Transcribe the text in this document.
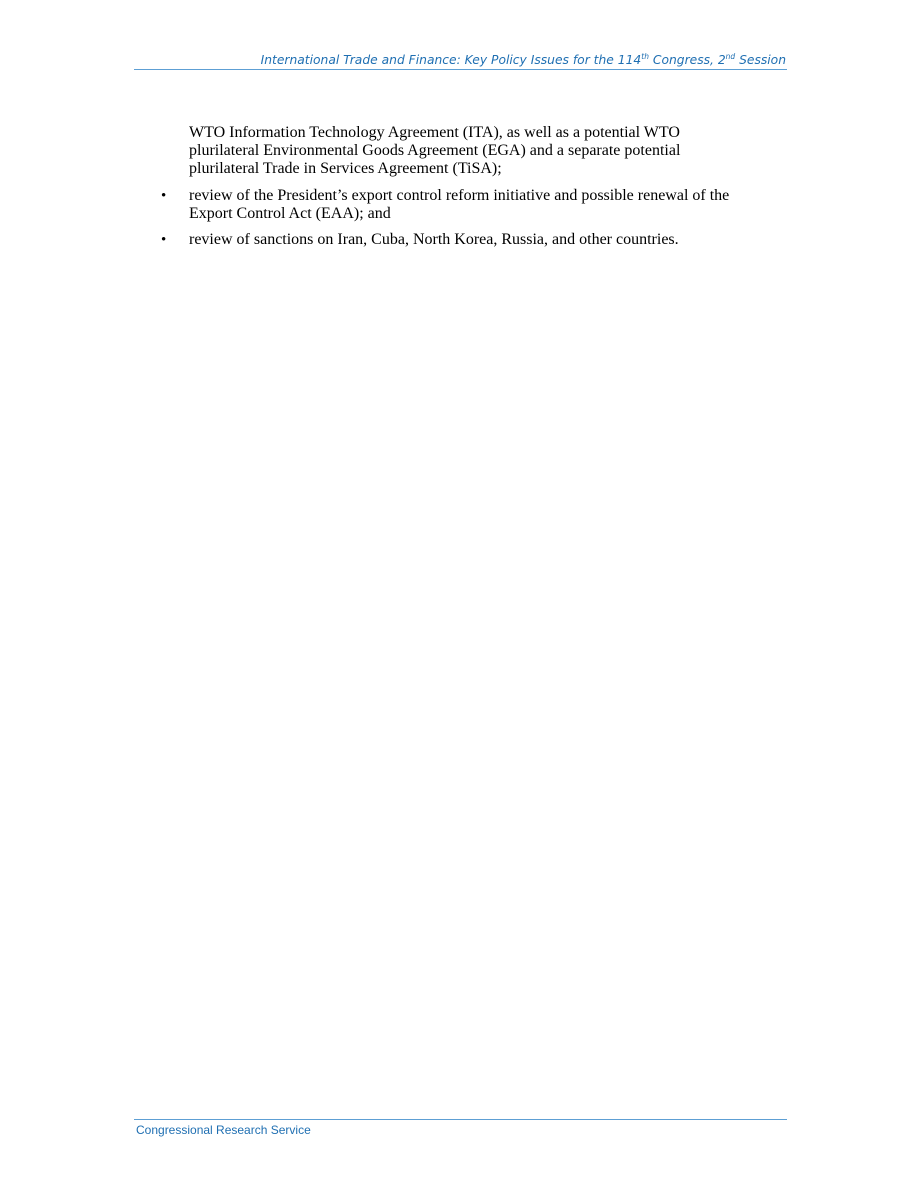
International Trade and Finance: Key Policy Issues for the 114th Congress, 2nd Session

WTO Information Technology Agreement (ITA), as well as a potential WTO plurilateral Environmental Goods Agreement (EGA) and a separate potential plurilateral Trade in Services Agreement (TiSA);

• review of the President’s export control reform initiative and possible renewal of the Export Control Act (EAA); and

• review of sanctions on Iran, Cuba, North Korea, Russia, and other countries.

Congressional Research Service
